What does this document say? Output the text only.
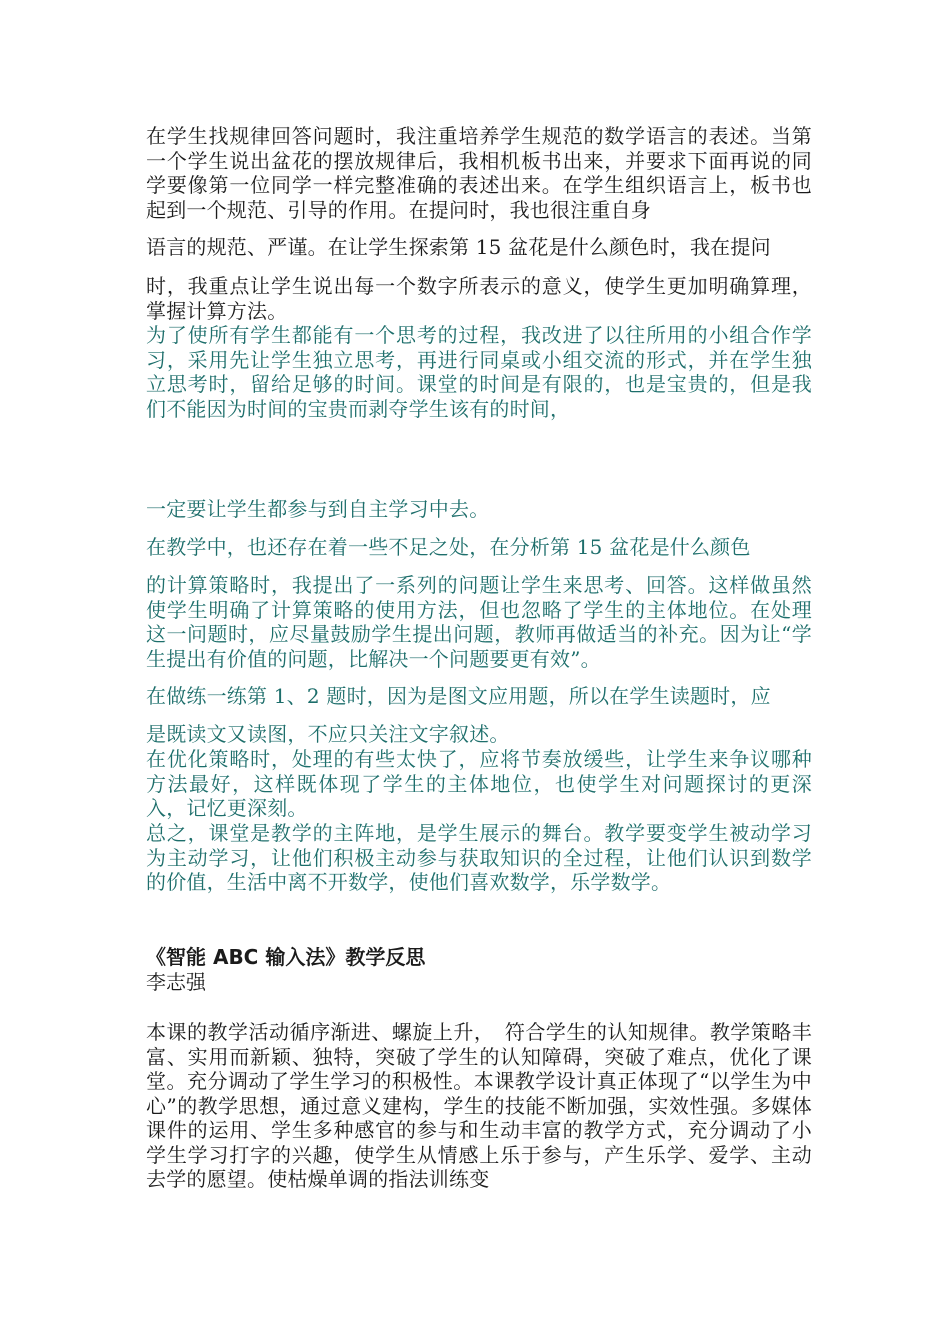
在学生找规律回答问题时，我注重培养学生规范的数学语言的表述。当第一个学生说出盆花的摆放规律后，我相机板书出来，并要求下面再说的同学要像第一位同学一样完整准确的表述出来。在学生组织语言上，板书也起到一个规范、引导的作用。在提问时，我也很注重自身

语言的规范、严谨。在让学生探索第 15 盆花是什么颜色时，我在提问

时，我重点让学生说出每一个数字所表示的意义，使学生更加明确算理，掌握计算方法。

为了使所有学生都能有一个思考的过程，我改进了以往所用的小组合作学习，采用先让学生独立思考，再进行同桌或小组交流的形式，并在学生独立思考时，留给足够的时间。课堂的时间是有限的，也是宝贵的，但是我们不能因为时间的宝贵而剥夺学生该有的时间，

一定要让学生都参与到自主学习中去。

在教学中，也还存在着一些不足之处，在分析第 15 盆花是什么颜色

的计算策略时，我提出了一系列的问题让学生来思考、回答。这样做虽然使学生明确了计算策略的使用方法，但也忽略了学生的主体地位。在处理这一问题时，应尽量鼓励学生提出问题，教师再做适当的补充。因为让“学生提出有价值的问题，比解决一个问题要更有效”。

在做练一练第 1、2 题时，因为是图文应用题，所以在学生读题时，应

是既读文又读图，不应只关注文字叙述。

在优化策略时，处理的有些太快了，应将节奏放缓些，让学生来争议哪种方法最好，这样既体现了学生的主体地位，也使学生对问题探讨的更深入，记忆更深刻。

总之，课堂是教学的主阵地，是学生展示的舞台。教学要变学生被动学习为主动学习，让他们积极主动参与获取知识的全过程，让他们认识到数学的价值，生活中离不开数学，使他们喜欢数学，乐学数学。

《智能 ABC 输入法》教学反思

李志强

本课的教学活动循序渐进、螺旋上升，　符合学生的认知规律。教学策略丰富、实用而新颖、独特，突破了学生的认知障碍，突破了难点，优化了课堂。充分调动了学生学习的积极性。本课教学设计真正体现了“以学生为中心”的教学思想，通过意义建构，学生的技能不断加强，实效性强。多媒体课件的运用、学生多种感官的参与和生动丰富的教学方式，充分调动了小学生学习打字的兴趣，使学生从情感上乐于参与，产生乐学、爱学、主动去学的愿望。使枯燥单调的指法训练变
